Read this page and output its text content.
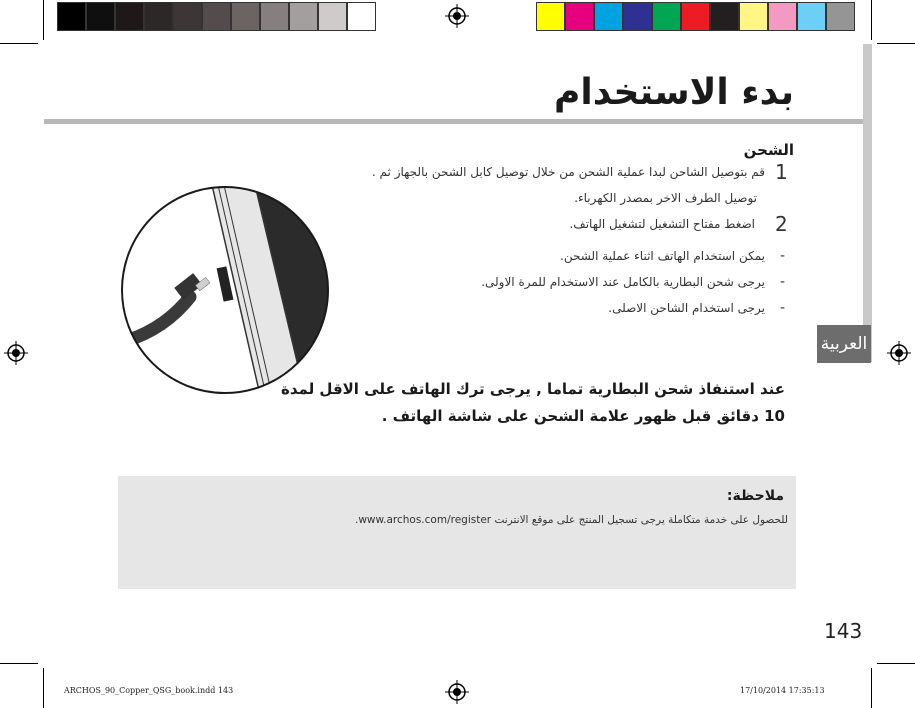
العربية
بدء الاستخدام
الشحن
1
قم بتوصيل الشاحن لبدا عملية الشحن من خلال توصيل كابل الشحن بالجهاز ثم .
توصيل الطرف الاخر بمصدر الكهرباء.
2
اضغط مفتاح التشغيل لتشغيل الهاتف.
-
يمكن استخدام الهاتف اثناء عملية الشحن.
-
يرجى شحن البطارية بالكامل عند الاستخدام للمرة الاولى.
-
يرجى استخدام الشاحن الاصلى.
عند استنفاذ شحن البطارية تماما , يرجى ترك الهاتف على الاقل لمدة
10 دقائق قبل ظهور علامة الشحن على شاشة الهاتف .
ملاحظة:
للحصول على خدمة متكاملة يرجى تسجيل المنتج على موقع الانترنت www.archos.com/register.
143
ARCHOS_90_Copper_QSG_book.indd 143	17/10/2014 17:35:13
